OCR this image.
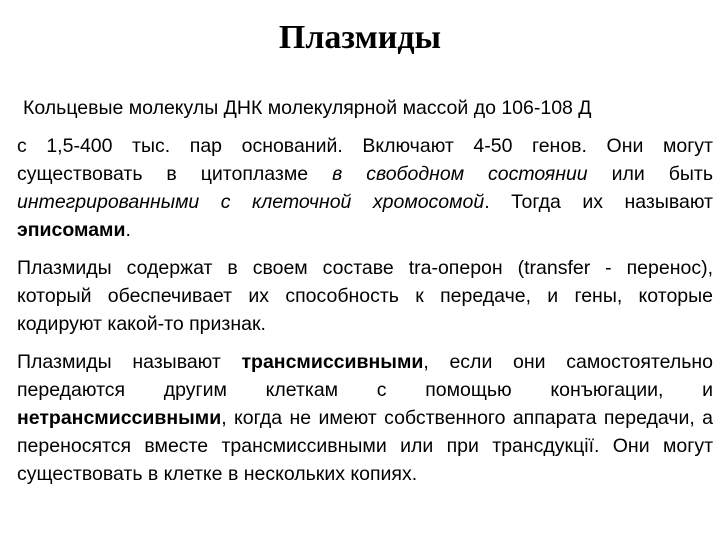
Плазмиды

Кольцевые молекулы ДНК молекулярной массой до 106-108 Д

с 1,5-400 тыс. пар оснований. Включают 4-50 генов. Они могут существовать в цитоплазме в свободном состоянии или быть интегрированными с клеточной хромосомой. Тогда их называют эписомами.

Плазмиды содержат в своем составе tra-оперон (transfer - перенос), который обеспечивает их способность к передаче, и гены, которые кодируют какой-то признак.

Плазмиды называют трансмиссивными, если они самостоятельно передаются другим клеткам с помощью конъюгации, и нетрансмиссивными, когда не имеют собственного аппарата передачи, а переносятся вместе трансмиссивными или при трансдукції. Они могут существовать в клетке в нескольких копиях.
